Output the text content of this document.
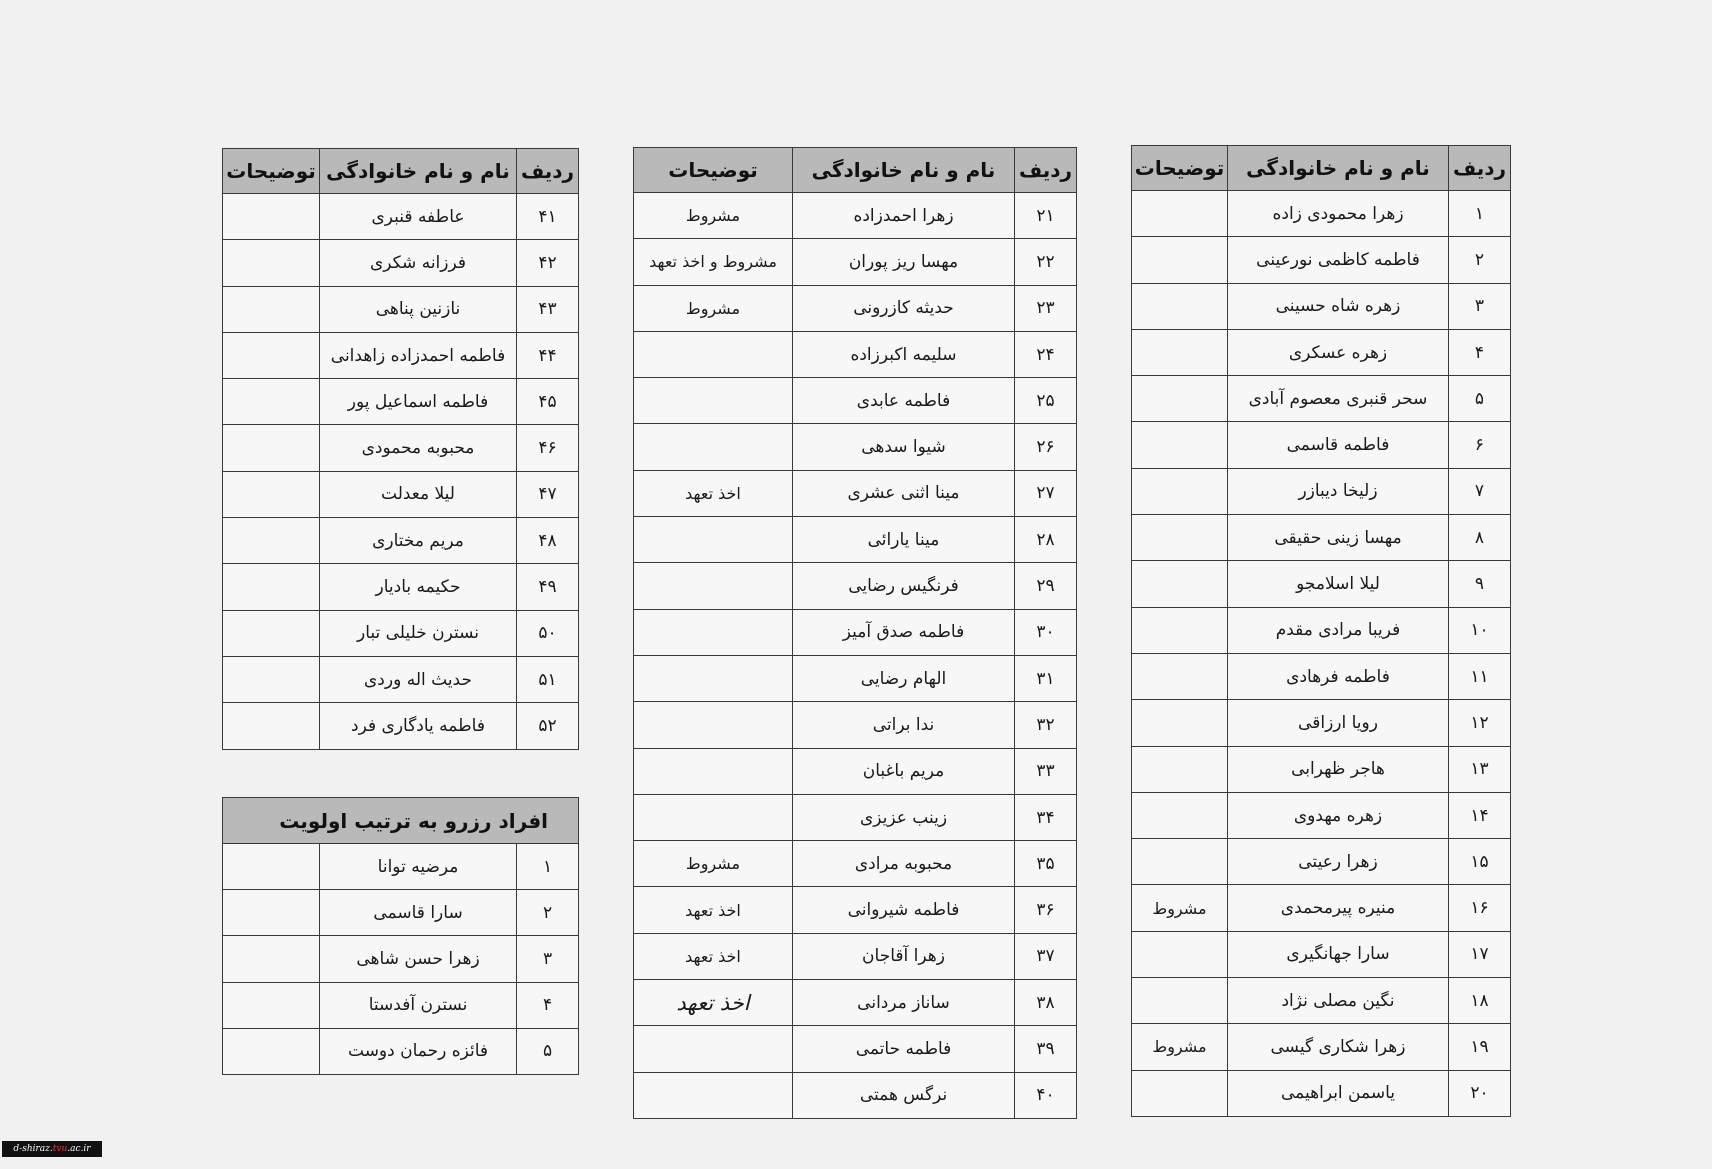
ردیف	نام و نام خانوادگی	توضیحات
۱	زهرا محمودی زاده	
۲	فاطمه کاظمی نورعینی	
۳	زهره شاه حسینی	
۴	زهره عسکری	
۵	سحر قنبری معصوم آبادی	
۶	فاطمه قاسمی	
۷	زلیخا دیبازر	
۸	مهسا زینی حقیقی	
۹	لیلا اسلامجو	
۱۰	فریبا مرادی مقدم	
۱۱	فاطمه فرهادی	
۱۲	رویا ارزاقی	
۱۳	هاجر ظهرابی	
۱۴	زهره مهدوی	
۱۵	زهرا رعیتی	
۱۶	منیره پیرمحمدی	مشروط
۱۷	سارا جهانگیری	
۱۸	نگین مصلی نژاد	
۱۹	زهرا شکاری گیسی	مشروط
۲۰	یاسمن ابراهیمی	
ردیف	نام و نام خانوادگی	توضیحات
۲۱	زهرا احمدزاده	مشروط
۲۲	مهسا ریز پوران	مشروط و اخذ تعهد
۲۳	حدیثه کازرونی	مشروط
۲۴	سلیمه اکبرزاده	
۲۵	فاطمه عابدی	
۲۶	شیوا سدهی	
۲۷	مینا اثنی عشری	اخذ تعهد
۲۸	مینا یارائی	
۲۹	فرنگیس رضایی	
۳۰	فاطمه صدق آمیز	
۳۱	الهام رضایی	
۳۲	ندا براتی	
۳۳	مریم باغبان	
۳۴	زینب عزیزی	
۳۵	محبوبه مرادی	مشروط
۳۶	فاطمه شیروانی	اخذ تعهد
۳۷	زهرا آقاجان	اخذ تعهد
۳۸	ساناز مردانی	اخذ تعهد
۳۹	فاطمه حاتمی	
۴۰	نرگس همتی	
ردیف	نام و نام خانوادگی	توضیحات
۴۱	عاطفه قنبری	
۴۲	فرزانه شکری	
۴۳	نازنین پناهی	
۴۴	فاطمه احمدزاده زاهدانی	
۴۵	فاطمه اسماعیل پور	
۴۶	محبوبه محمودی	
۴۷	لیلا معدلت	
۴۸	مریم مختاری	
۴۹	حکیمه بادیار	
۵۰	نسترن خلیلی تبار	
۵۱	حدیث اله وردی	
۵۲	فاطمه یادگاری فرد	
افراد رزرو به ترتیب اولویت		
۱	مرضیه توانا	
۲	سارا قاسمی	
۳	زهرا حسن شاهی	
۴	نسترن آفدستا	
۵	فائزه رحمان دوست	
d-shiraz.tvu.ac.ir
